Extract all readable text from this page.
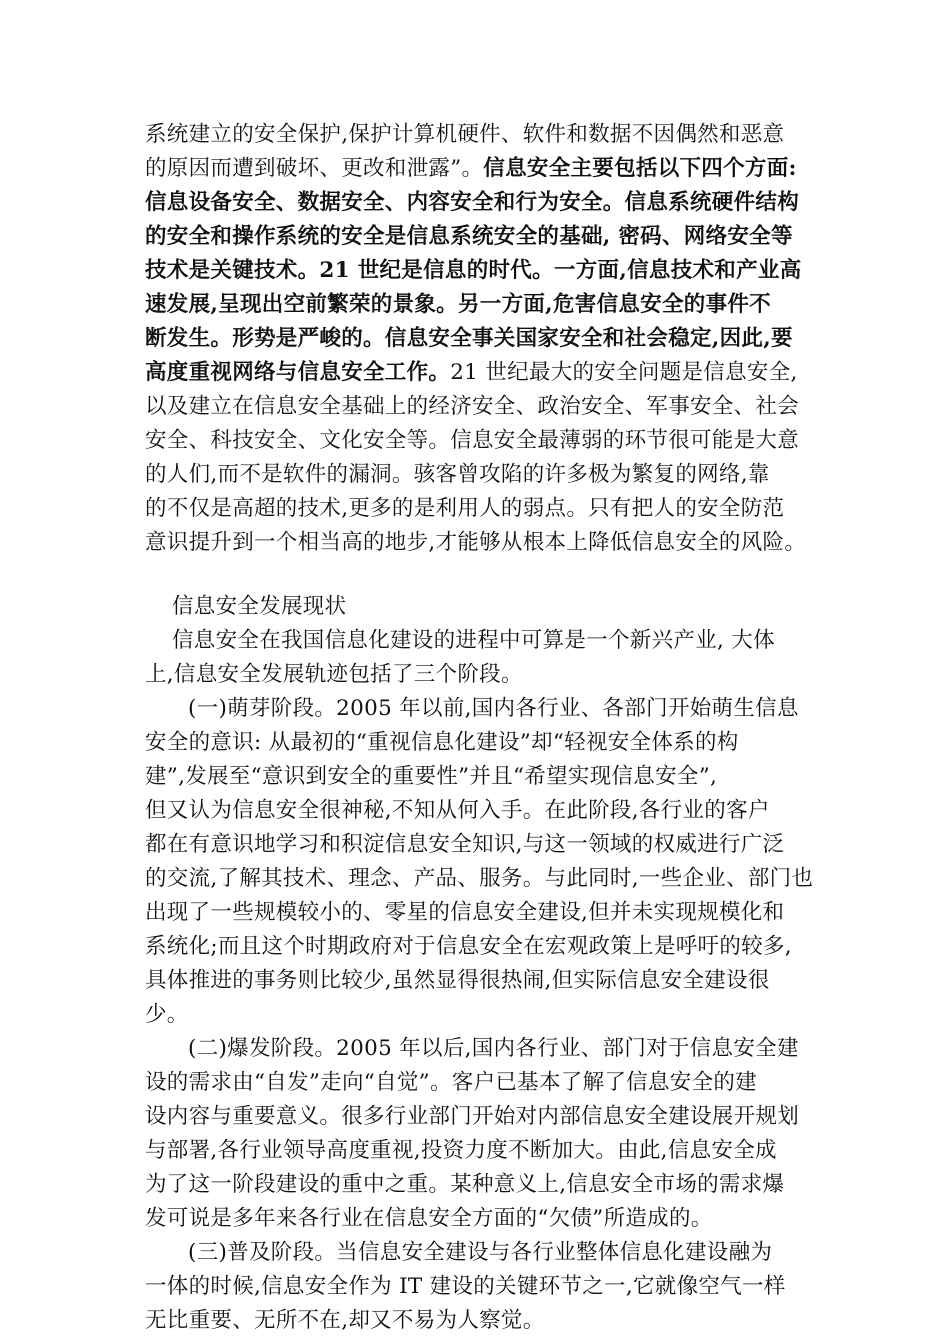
系统建立的安全保护,保护计算机硬件、软件和数据不因偶然和恶意
的原因而遭到破坏、更改和泄露”。信息安全主要包括以下四个方面:
信息设备安全、数据安全、内容安全和行为安全。信息系统硬件结构
的安全和操作系统的安全是信息系统安全的基础, 密码、网络安全等
技术是关键技术。21 世纪是信息的时代。一方面,信息技术和产业高
速发展,呈现出空前繁荣的景象。另一方面,危害信息安全的事件不
断发生。形势是严峻的。信息安全事关国家安全和社会稳定,因此,要
高度重视网络与信息安全工作。21 世纪最大的安全问题是信息安全,
以及建立在信息安全基础上的经济安全、政治安全、军事安全、社会
安全、科技安全、文化安全等。信息安全最薄弱的环节很可能是大意
的人们,而不是软件的漏洞。骇客曾攻陷的许多极为繁复的网络,靠
的不仅是高超的技术,更多的是利用人的弱点。只有把人的安全防范
意识提升到一个相当高的地步,才能够从根本上降低信息安全的风险。
信息安全发展现状
信息安全在我国信息化建设的进程中可算是一个新兴产业, 大体
上,信息安全发展轨迹包括了三个阶段。
(一)萌芽阶段。2005 年以前,国内各行业、各部门开始萌生信息
安全的意识: 从最初的“重视信息化建设”却“轻视安全体系的构
建”,发展至“意识到安全的重要性”并且“希望实现信息安全”,
但又认为信息安全很神秘,不知从何入手。在此阶段,各行业的客户
都在有意识地学习和积淀信息安全知识,与这一领域的权威进行广泛
的交流,了解其技术、理念、产品、服务。与此同时,一些企业、部门也
出现了一些规模较小的、零星的信息安全建设,但并未实现规模化和
系统化;而且这个时期政府对于信息安全在宏观政策上是呼吁的较多,
具体推进的事务则比较少,虽然显得很热闹,但实际信息安全建设很
少。
(二)爆发阶段。2005 年以后,国内各行业、部门对于信息安全建
设的需求由“自发”走向“自觉”。客户已基本了解了信息安全的建
设内容与重要意义。很多行业部门开始对内部信息安全建设展开规划
与部署,各行业领导高度重视,投资力度不断加大。由此,信息安全成
为了这一阶段建设的重中之重。某种意义上,信息安全市场的需求爆
发可说是多年来各行业在信息安全方面的“欠债”所造成的。
(三)普及阶段。当信息安全建设与各行业整体信息化建设融为
一体的时候,信息安全作为 IT 建设的关键环节之一,它就像空气一样
无比重要、无所不在,却又不易为人察觉。
